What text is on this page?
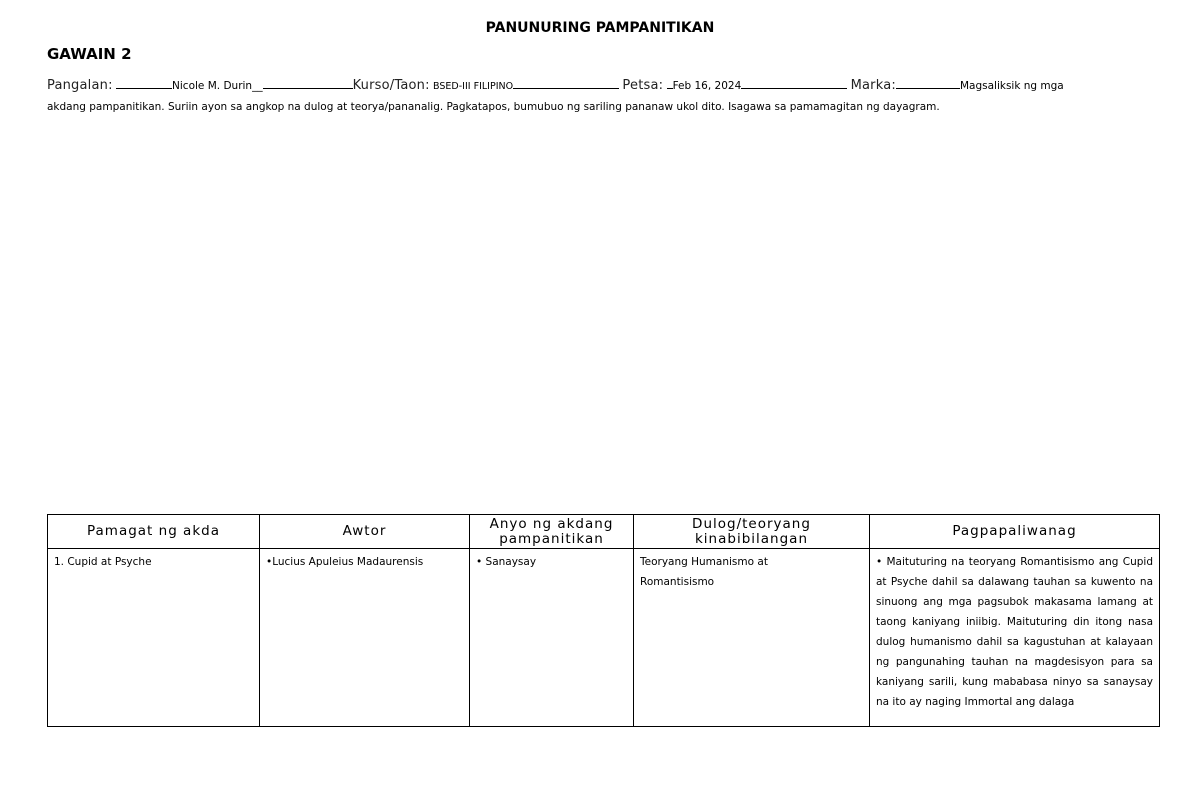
PANUNURING PAMPANITIKAN
GAWAIN 2
Pangalan:	Nicole M. Durin__	Kurso/Taon: BSED-III FILIPINO	Petsa: Feb 16, 2024	Marka:	Magsaliksik ng mga
akdang pampanitikan. Suriin ayon sa angkop na dulog at teorya/pananalig. Pagkatapos, bumubuo ng sariling pananaw ukol dito. Isagawa sa pamamagitan ng dayagram.
Pamagat ng akda	Awtor	Anyo ng akdang pampanitikan	Dulog/teoryang kinabibilangan	Pagpapaliwanag

1. Cupid at Psyche	•Lucius Apuleius Madaurensis	• Sanaysay	Teoryang Humanismo at
Romantisismo	• Maituturing na teoryang Romantisismo ang Cupid at Psyche dahil sa dalawang tauhan sa kuwento na sinuong ang mga pagsubok makasama lamang at taong kaniyang iniibig. Maituturing din itong nasa dulog humanismo dahil sa kagustuhan at kalayaan ng pangunahing tauhan na magdesisyon para sa kaniyang sarili, kung mababasa ninyo sa sanaysay na ito ay naging Immortal ang dalaga
